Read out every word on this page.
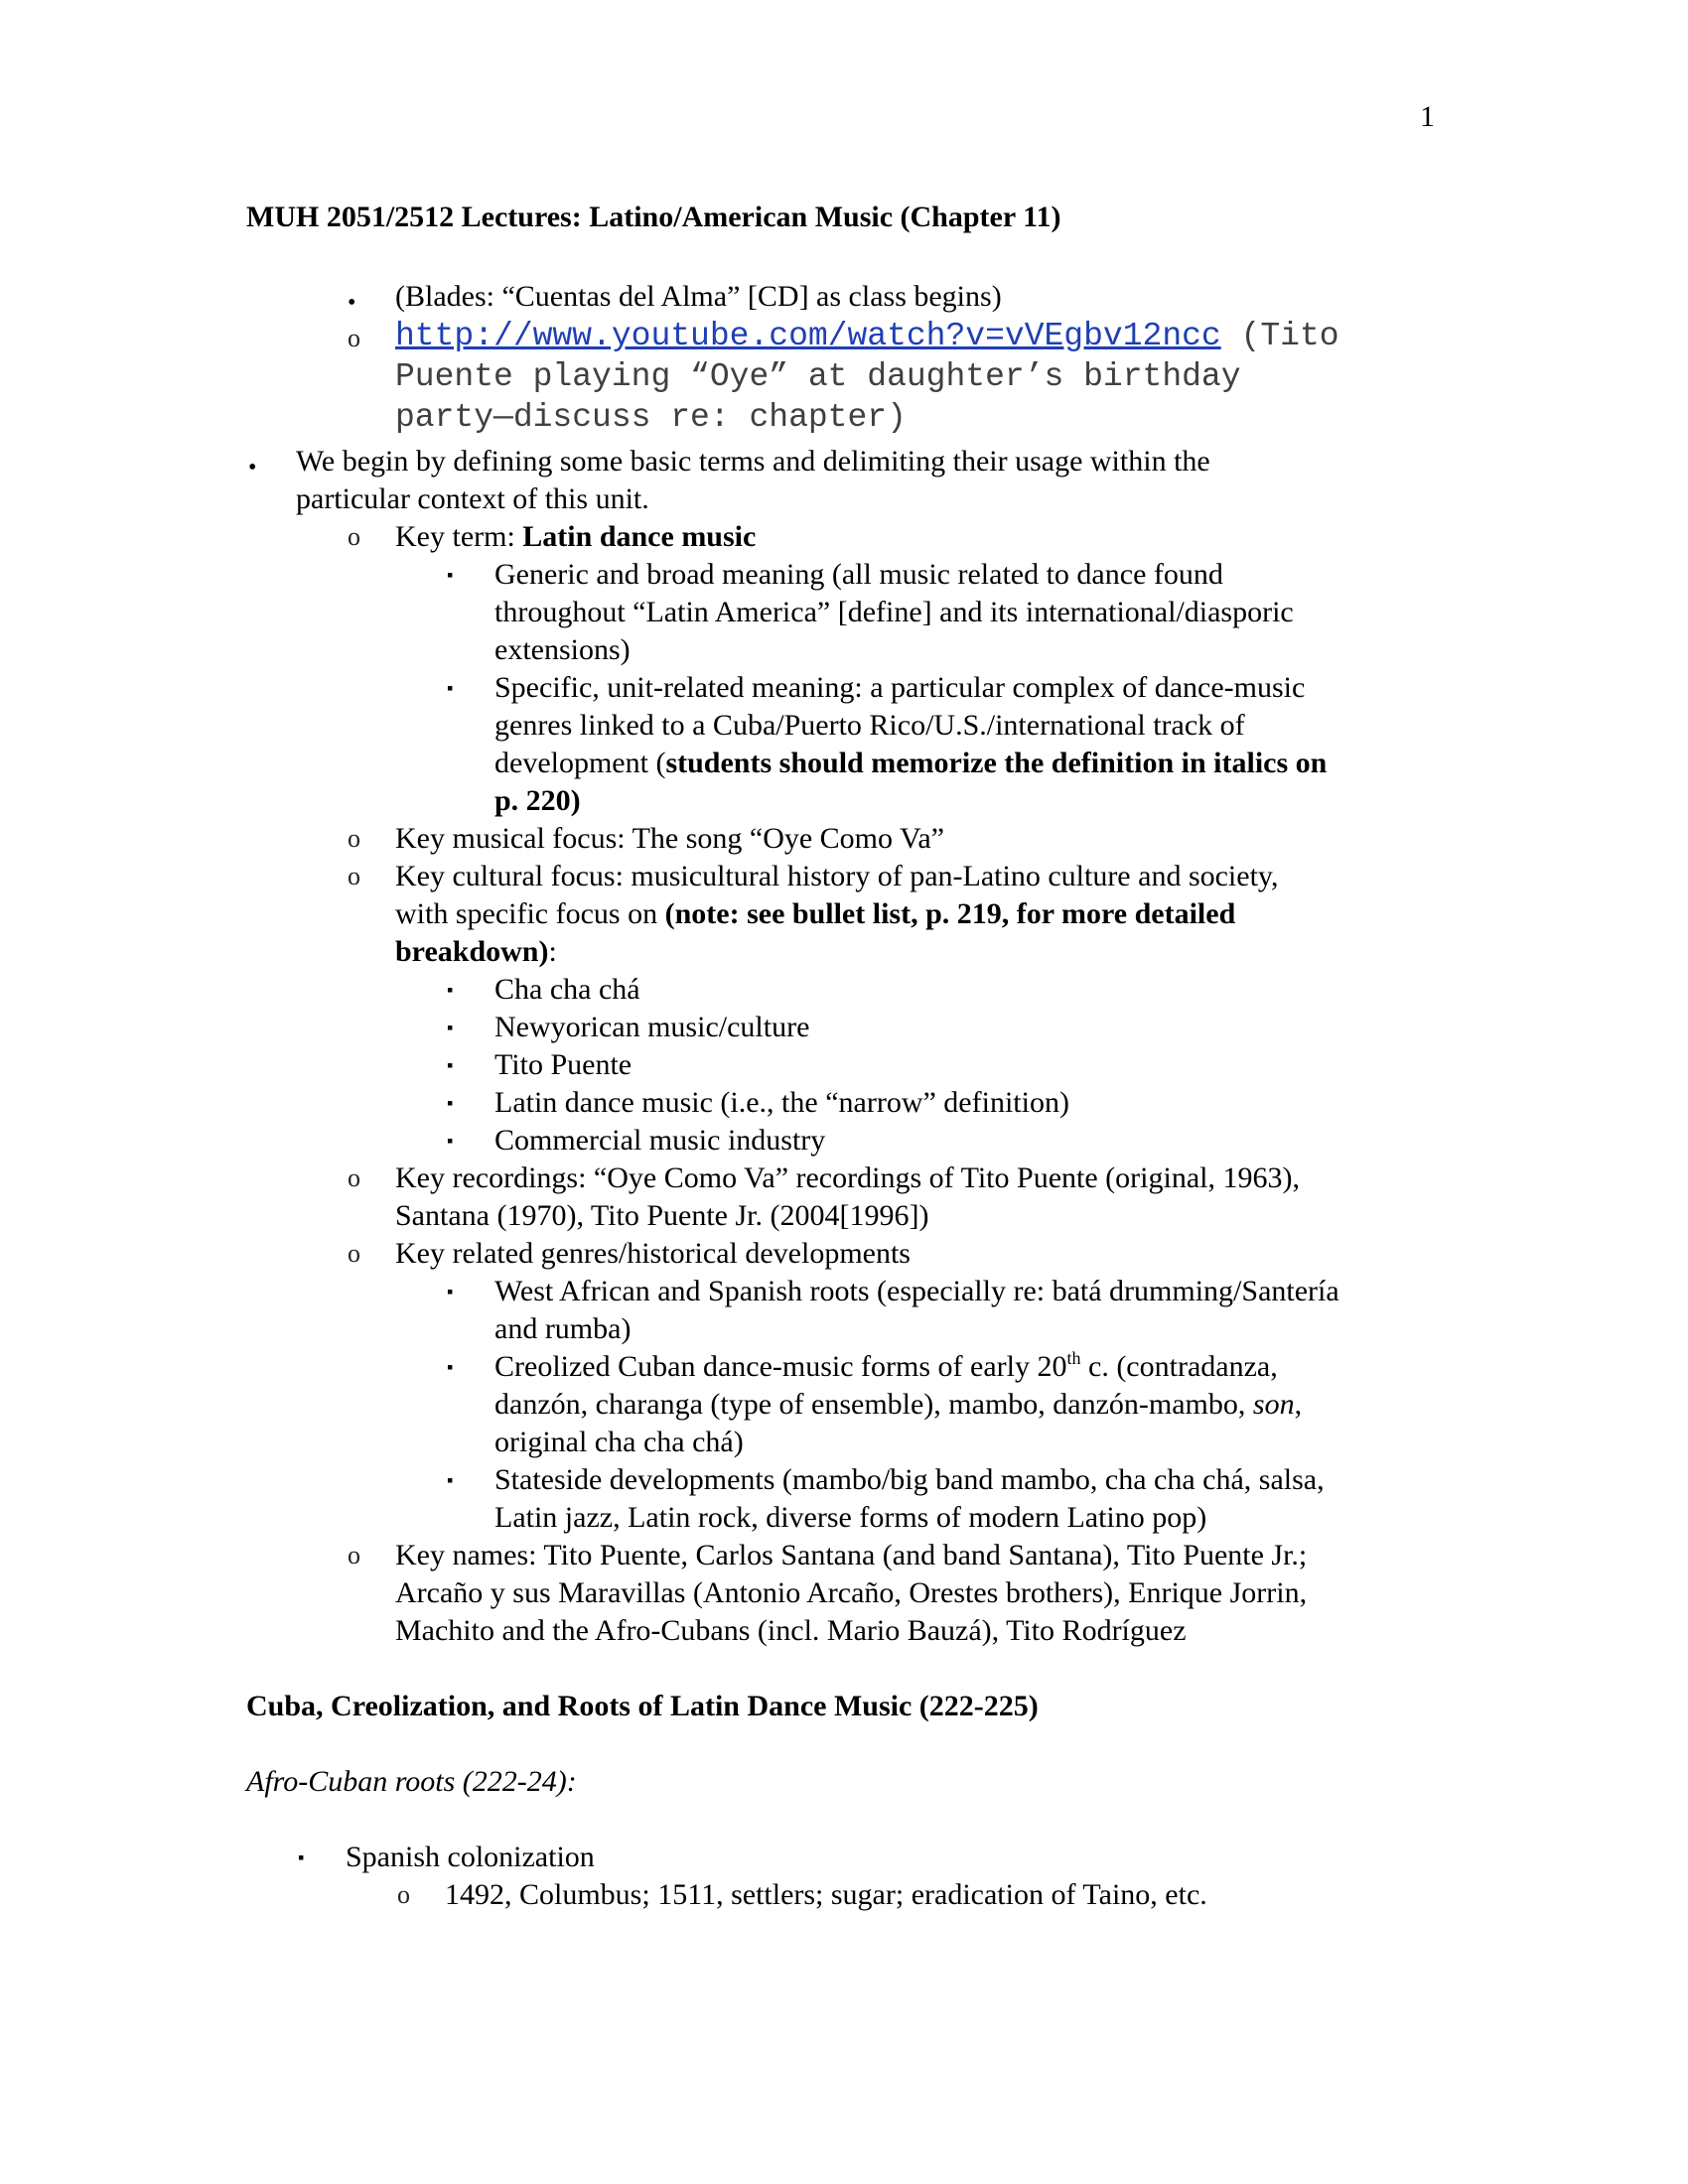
1
MUH 2051/2512 Lectures: Latino/American Music (Chapter 11)
• (Blades: “Cuentas del Alma” [CD] as class begins)
o http://www.youtube.com/watch?v=vVEgbv12ncc (Tito
Puente playing “Oye” at daughter’s birthday
party—discuss re: chapter)
• We begin by defining some basic terms and delimiting their usage within the
particular context of this unit.
o Key term: Latin dance music
▪ Generic and broad meaning (all music related to dance found
throughout “Latin America” [define] and its international/diasporic
extensions)
▪ Specific, unit-related meaning: a particular complex of dance-music
genres linked to a Cuba/Puerto Rico/U.S./international track of
development (students should memorize the definition in italics on
p. 220)
o Key musical focus: The song “Oye Como Va”
o Key cultural focus: musicultural history of pan-Latino culture and society,
with specific focus on (note: see bullet list, p. 219, for more detailed
breakdown):
▪ Cha cha chá
▪ Newyorican music/culture
▪ Tito Puente
▪ Latin dance music (i.e., the “narrow” definition)
▪ Commercial music industry
o Key recordings: “Oye Como Va” recordings of Tito Puente (original, 1963),
Santana (1970), Tito Puente Jr. (2004[1996])
o Key related genres/historical developments
▪ West African and Spanish roots (especially re: batá drumming/Santería
and rumba)
▪ Creolized Cuban dance-music forms of early 20th c. (contradanza,
danzón, charanga (type of ensemble), mambo, danzón-mambo, son,
original cha cha chá)
▪ Stateside developments (mambo/big band mambo, cha cha chá, salsa,
Latin jazz, Latin rock, diverse forms of modern Latino pop)
o Key names: Tito Puente, Carlos Santana (and band Santana), Tito Puente Jr.;
Arcaño y sus Maravillas (Antonio Arcaño, Orestes brothers), Enrique Jorrin,
Machito and the Afro-Cubans (incl. Mario Bauzá), Tito Rodríguez
Cuba, Creolization, and Roots of Latin Dance Music (222-225)
Afro-Cuban roots (222-24):
▪ Spanish colonization
o 1492, Columbus; 1511, settlers; sugar; eradication of Taino, etc.
